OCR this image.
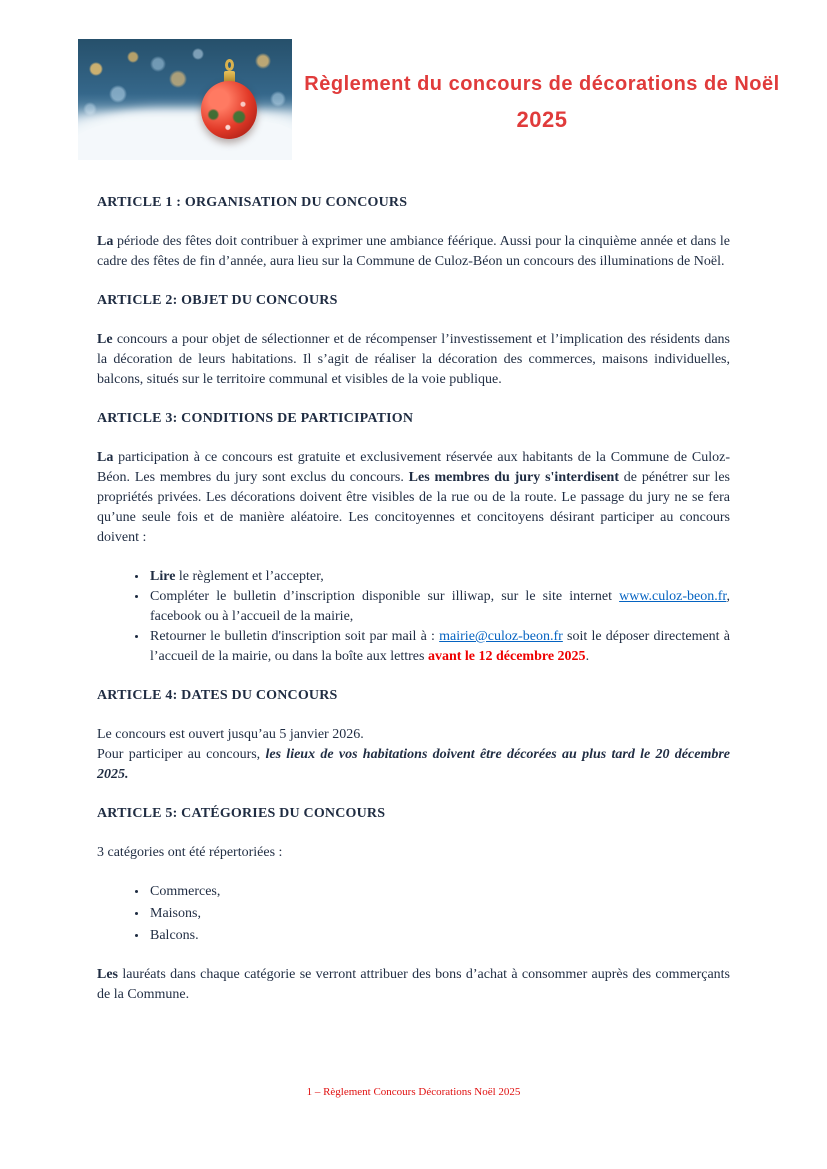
Règlement du concours de décorations de Noël
2025
ARTICLE 1 : ORGANISATION DU CONCOURS

La période des fêtes doit contribuer à exprimer une ambiance féérique. Aussi pour la cinquième année et dans le cadre des fêtes de fin d’année, aura lieu sur la Commune de Culoz-Béon un concours des illuminations de Noël.

ARTICLE 2: OBJET DU CONCOURS

Le concours a pour objet de sélectionner et de récompenser l’investissement et l’implication des résidents dans la décoration de leurs habitations. Il s’agit de réaliser la décoration des commerces, maisons individuelles, balcons, situés sur le territoire communal et visibles de la voie publique.

ARTICLE 3: CONDITIONS DE PARTICIPATION

La participation à ce concours est gratuite et exclusivement réservée aux habitants de la Commune de Culoz-Béon. Les membres du jury sont exclus du concours. Les membres du jury s'interdisent de pénétrer sur les propriétés privées. Les décorations doivent être visibles de la rue ou de la route. Le passage du jury ne se fera qu’une seule fois et de manière aléatoire. Les concitoyennes et concitoyens désirant participer au concours doivent :

• Lire le règlement et l’accepter,
• Compléter le bulletin d’inscription disponible sur illiwap, sur le site internet www.culoz-beon.fr, facebook ou à l’accueil de la mairie,
• Retourner le bulletin d'inscription soit par mail à : mairie@culoz-beon.fr soit le déposer directement à l’accueil de la mairie, ou dans la boîte aux lettres avant le 12 décembre 2025.
ARTICLE 4: DATES DU CONCOURS

Le concours est ouvert jusqu’au 5 janvier 2026.
Pour participer au concours, les lieux de vos habitations doivent être décorées au plus tard le 20 décembre 2025.

ARTICLE 5: CATÉGORIES DU CONCOURS

3 catégories ont été répertoriées :

• Commerces,
• Maisons,
• Balcons.

Les lauréats dans chaque catégorie se verront attribuer des bons d’achat à consommer auprès des commerçants de la Commune.

1 – Règlement Concours Décorations Noël 2025
